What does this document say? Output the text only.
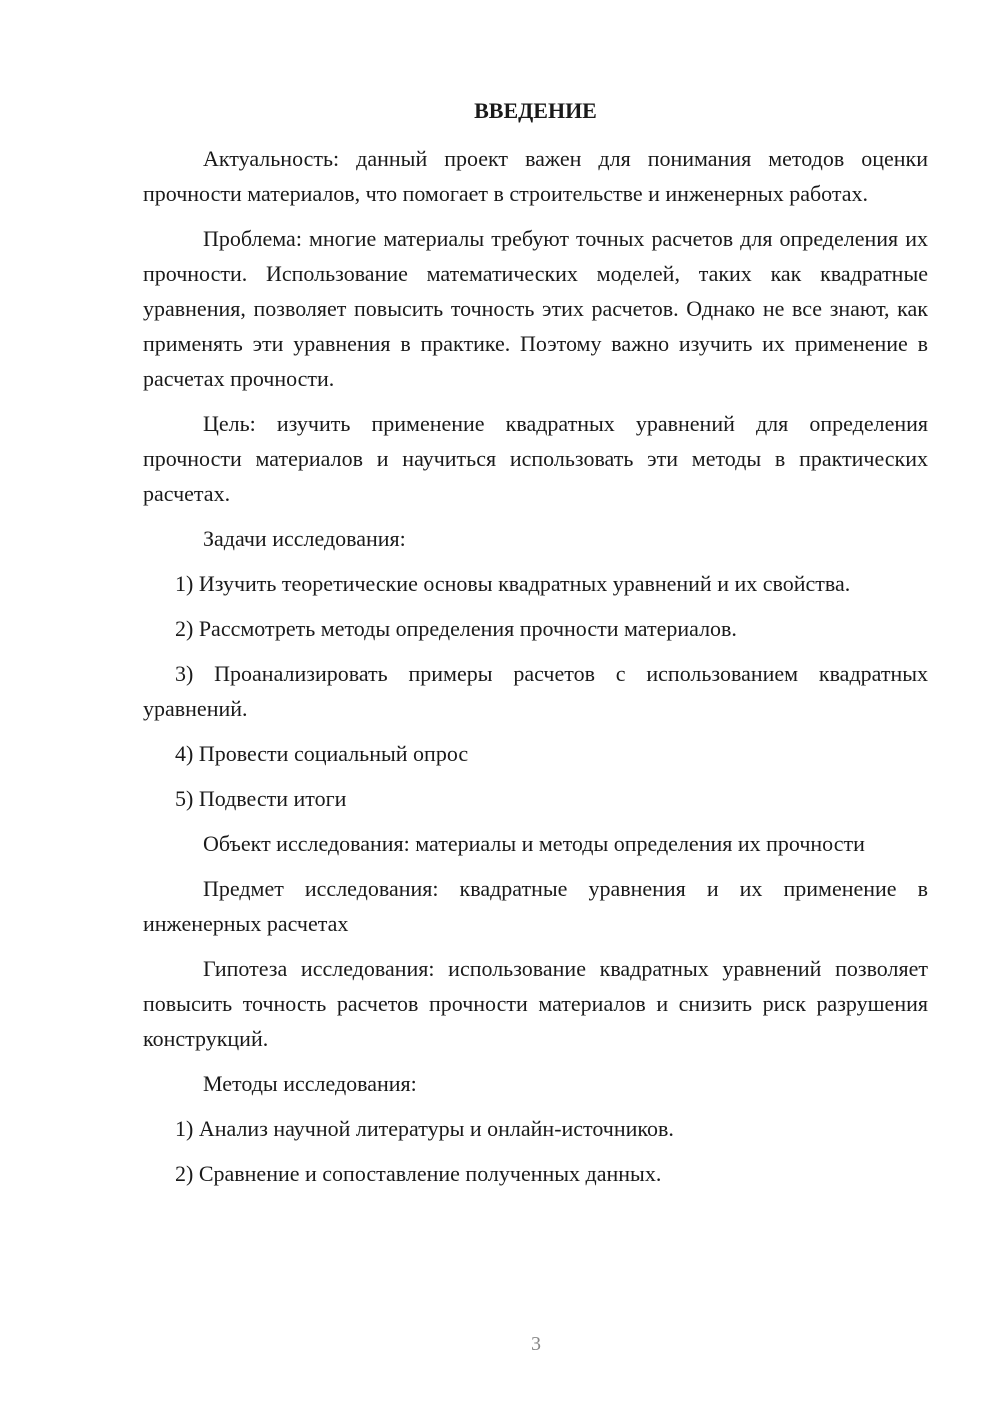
ВВЕДЕНИЕ

Актуальность: данный проект важен для понимания методов оценки прочности материалов, что помогает в строительстве и инженерных работах.

Проблема: многие материалы требуют точных расчетов для определения их прочности. Использование математических моделей, таких как квадратные уравнения, позволяет повысить точность этих расчетов. Однако не все знают, как применять эти уравнения в практике. Поэтому важно изучить их применение в расчетах прочности.

Цель: изучить применение квадратных уравнений для определения прочности материалов и научиться использовать эти методы в практических расчетах.

Задачи исследования:

1) Изучить теоретические основы квадратных уравнений и их свойства.

2) Рассмотреть методы определения прочности материалов.

3) Проанализировать примеры расчетов с использованием квадратных уравнений.

4) Провести социальный опрос

5) Подвести итоги

Объект исследования: материалы и методы определения их прочности

Предмет исследования: квадратные уравнения и их применение в инженерных расчетах

Гипотеза исследования: использование квадратных уравнений позволяет повысить точность расчетов прочности материалов и снизить риск разрушения конструкций.

Методы исследования:

1) Анализ научной литературы и онлайн-источников.

2) Сравнение и сопоставление полученных данных.

3
